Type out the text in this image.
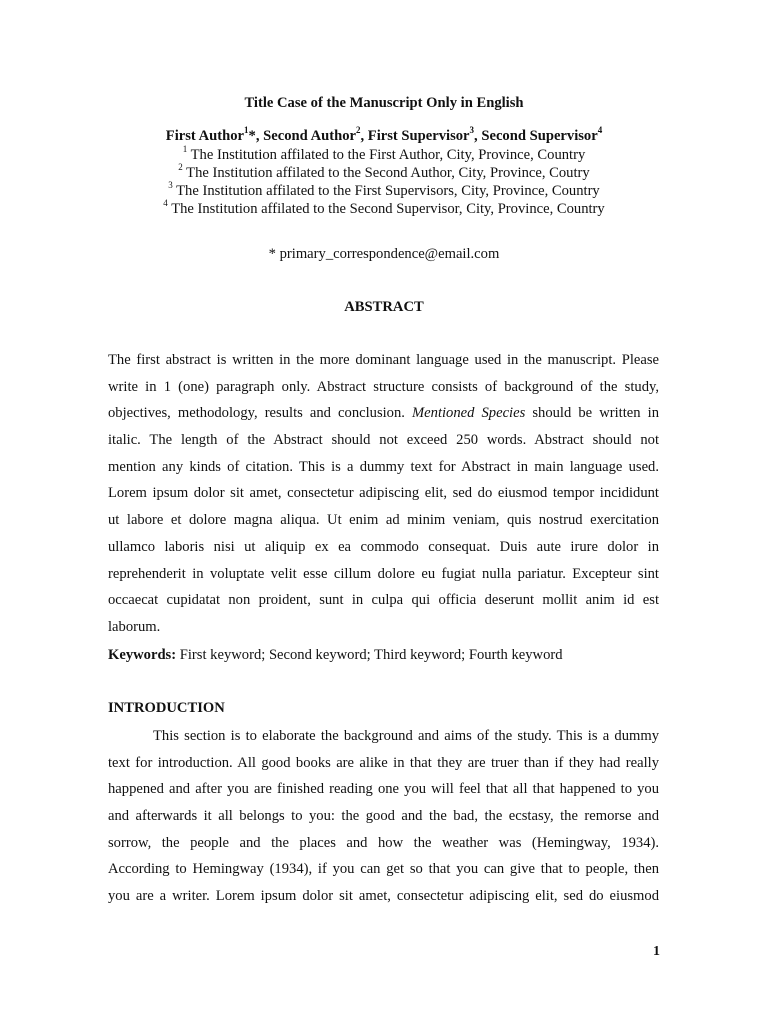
Title Case of the Manuscript Only in English
First Author$^1$*, Second Author$^2$, First Supervisor$^3$, Second Supervisor$^4$
$^1$ The Institution affilated to the First Author, City, Province, Country
$^2$ The Institution affilated to the Second Author, City, Province, Coutry
$^3$ The Institution affilated to the First Supervisors, City, Province, Country
$^4$ The Institution affilated to the Second Supervisor, City, Province, Country
* primary_correspondence@email.com
ABSTRACT
The first abstract is written in the more dominant language used in the manuscript. Please
write in 1 (one) paragraph only. Abstract structure consists of background of the study,
objectives, methodology, results and conclusion. Mentioned Species should be written in
italic. The length of the Abstract should not exceed 250 words. Abstract should not
mention any kinds of citation. This is a dummy text for Abstract in main language used.
Lorem ipsum dolor sit amet, consectetur adipiscing elit, sed do eiusmod tempor incididunt
ut labore et dolore magna aliqua. Ut enim ad minim veniam, quis nostrud exercitation
ullamco laboris nisi ut aliquip ex ea commodo consequat. Duis aute irure dolor in
reprehenderit in voluptate velit esse cillum dolore eu fugiat nulla pariatur. Excepteur sint
occaecat cupidatat non proident, sunt in culpa qui officia deserunt mollit anim id est
laborum.
Keywords: First keyword; Second keyword; Third keyword; Fourth keyword
INTRODUCTION
This section is to elaborate the background and aims of the study. This is a dummy
text for introduction. All good books are alike in that they are truer than if they had really
happened and after you are finished reading one you will feel that all that happened to you
and afterwards it all belongs to you: the good and the bad, the ecstasy, the remorse and
sorrow, the people and the places and how the weather was (Hemingway, 1934).
According to Hemingway (1934), if you can get so that you can give that to people, then
you are a writer. Lorem ipsum dolor sit amet, consectetur adipiscing elit, sed do eiusmod
1
